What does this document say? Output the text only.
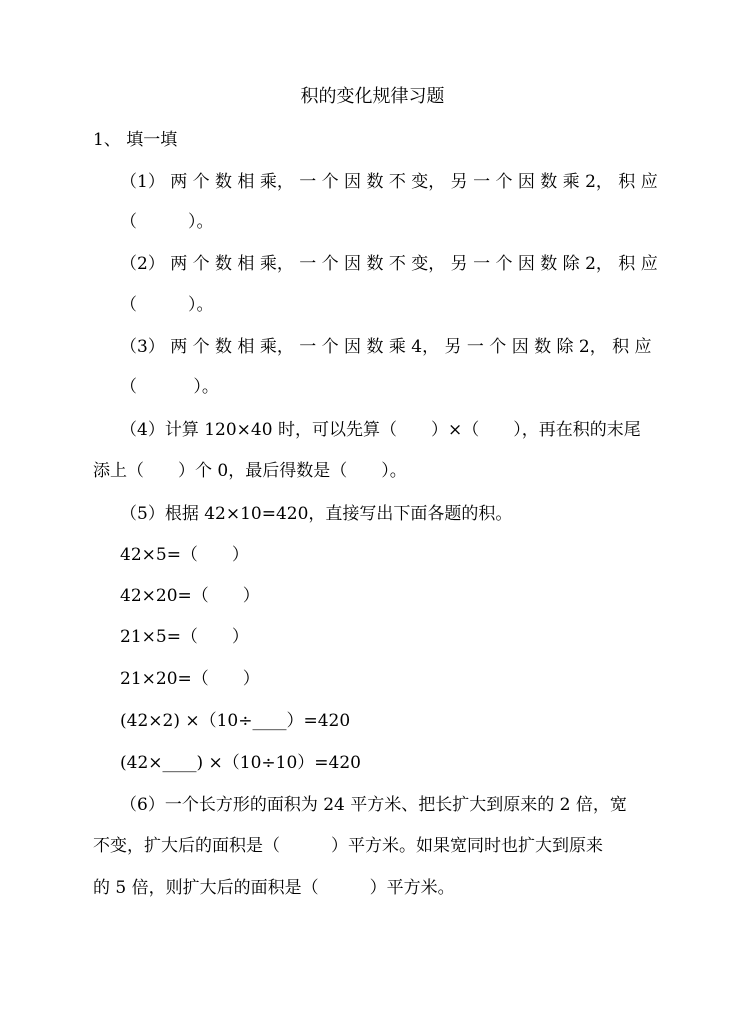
积的变化规律习题
1、 填一填
（1） 两 个 数 相 乘， 一 个 因 数 不 变， 另 一 个 因 数 乘 2， 积 应
（　　　）。
（2） 两 个 数 相 乘， 一 个 因 数 不 变， 另 一 个 因 数 除 2， 积 应
（　　　）。
（3） 两 个 数 相 乘， 一 个 因 数 乘 4， 另 一 个 因 数 除 2， 积 应
（　　　 ）。
（4）计算 120×40 时，可以先算（　　）×（　　），再在积的末尾
添上（　　）个 0，最后得数是（　　）。
（5）根据 42×10=420，直接写出下面各题的积。
42×5=（　　）
42×20=（　　）
21×5=（　　）
21×20=（　　）
(42×2) ×（10÷____）=420
(42×____) ×（10÷10）=420
（6）一个长方形的面积为 24 平方米、把长扩大到原来的 2 倍，宽
不变，扩大后的面积是（　　　）平方米。如果宽同时也扩大到原来
的 5 倍，则扩大后的面积是（　　　）平方米。
